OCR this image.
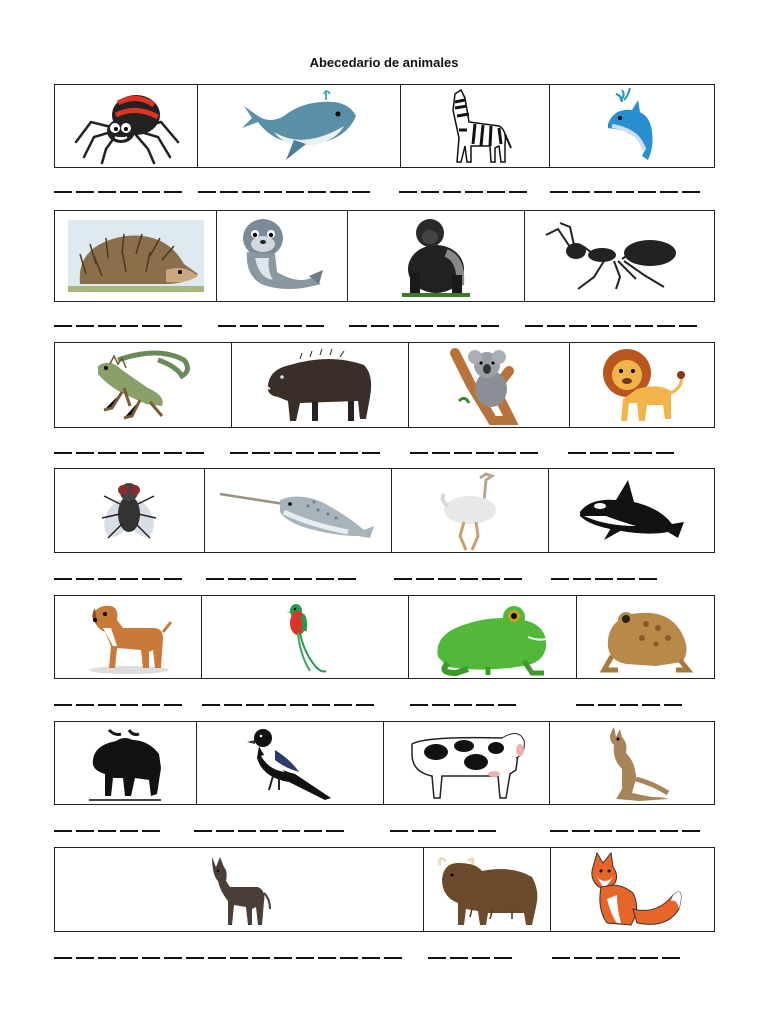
Abecedario de animales
